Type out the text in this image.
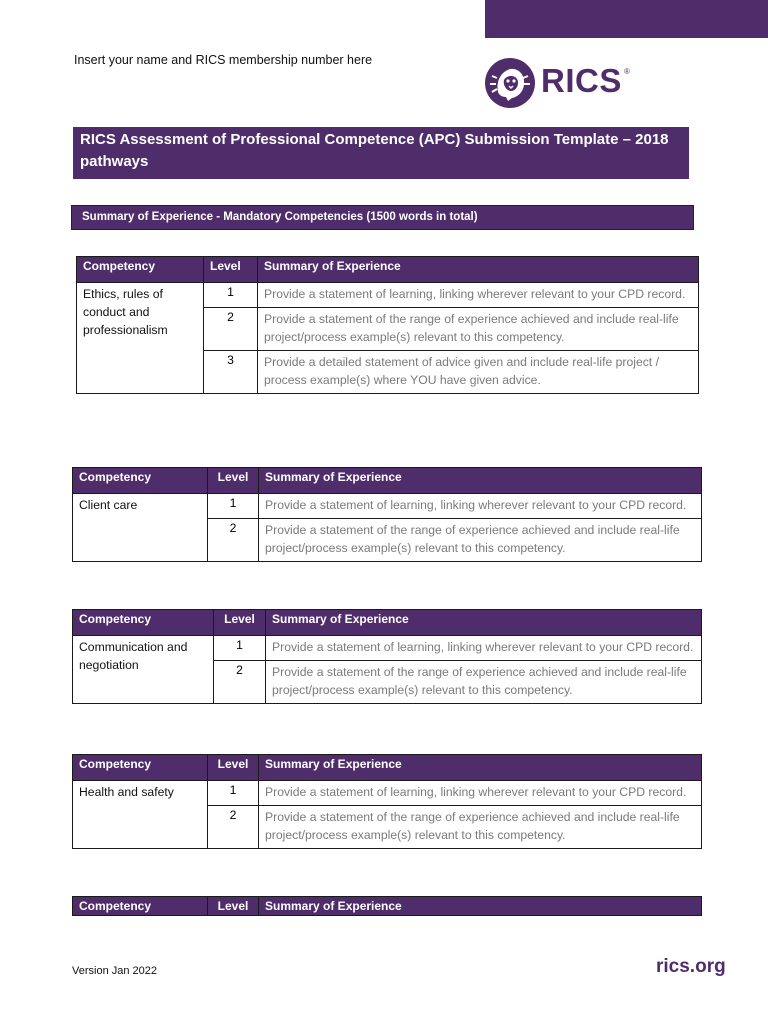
Insert your name and RICS membership number here
RICS ®
RICS Assessment of Professional Competence (APC) Submission Template – 2018 pathways
Summary of Experience - Mandatory Competencies (1500 words in total)
Competency	Level	Summary of Experience
Ethics, rules of conduct and professionalism	1	Provide a statement of learning, linking wherever relevant to your CPD record.
	2	Provide a statement of the range of experience achieved and include real-life project/process example(s) relevant to this competency.
	3	Provide a detailed statement of advice given and include real-life project / process example(s) where YOU have given advice.
Competency	Level	Summary of Experience
Client care	1	Provide a statement of learning, linking wherever relevant to your CPD record.
	2	Provide a statement of the range of experience achieved and include real-life project/process example(s) relevant to this competency.
Competency	Level	Summary of Experience
Communication and negotiation	1	Provide a statement of learning, linking wherever relevant to your CPD record.
	2	Provide a statement of the range of experience achieved and include real-life project/process example(s) relevant to this competency.
Competency	Level	Summary of Experience
Health and safety	1	Provide a statement of learning, linking wherever relevant to your CPD record.
	2	Provide a statement of the range of experience achieved and include real-life project/process example(s) relevant to this competency.
Competency	Level	Summary of Experience
Version Jan 2022	rics.org
